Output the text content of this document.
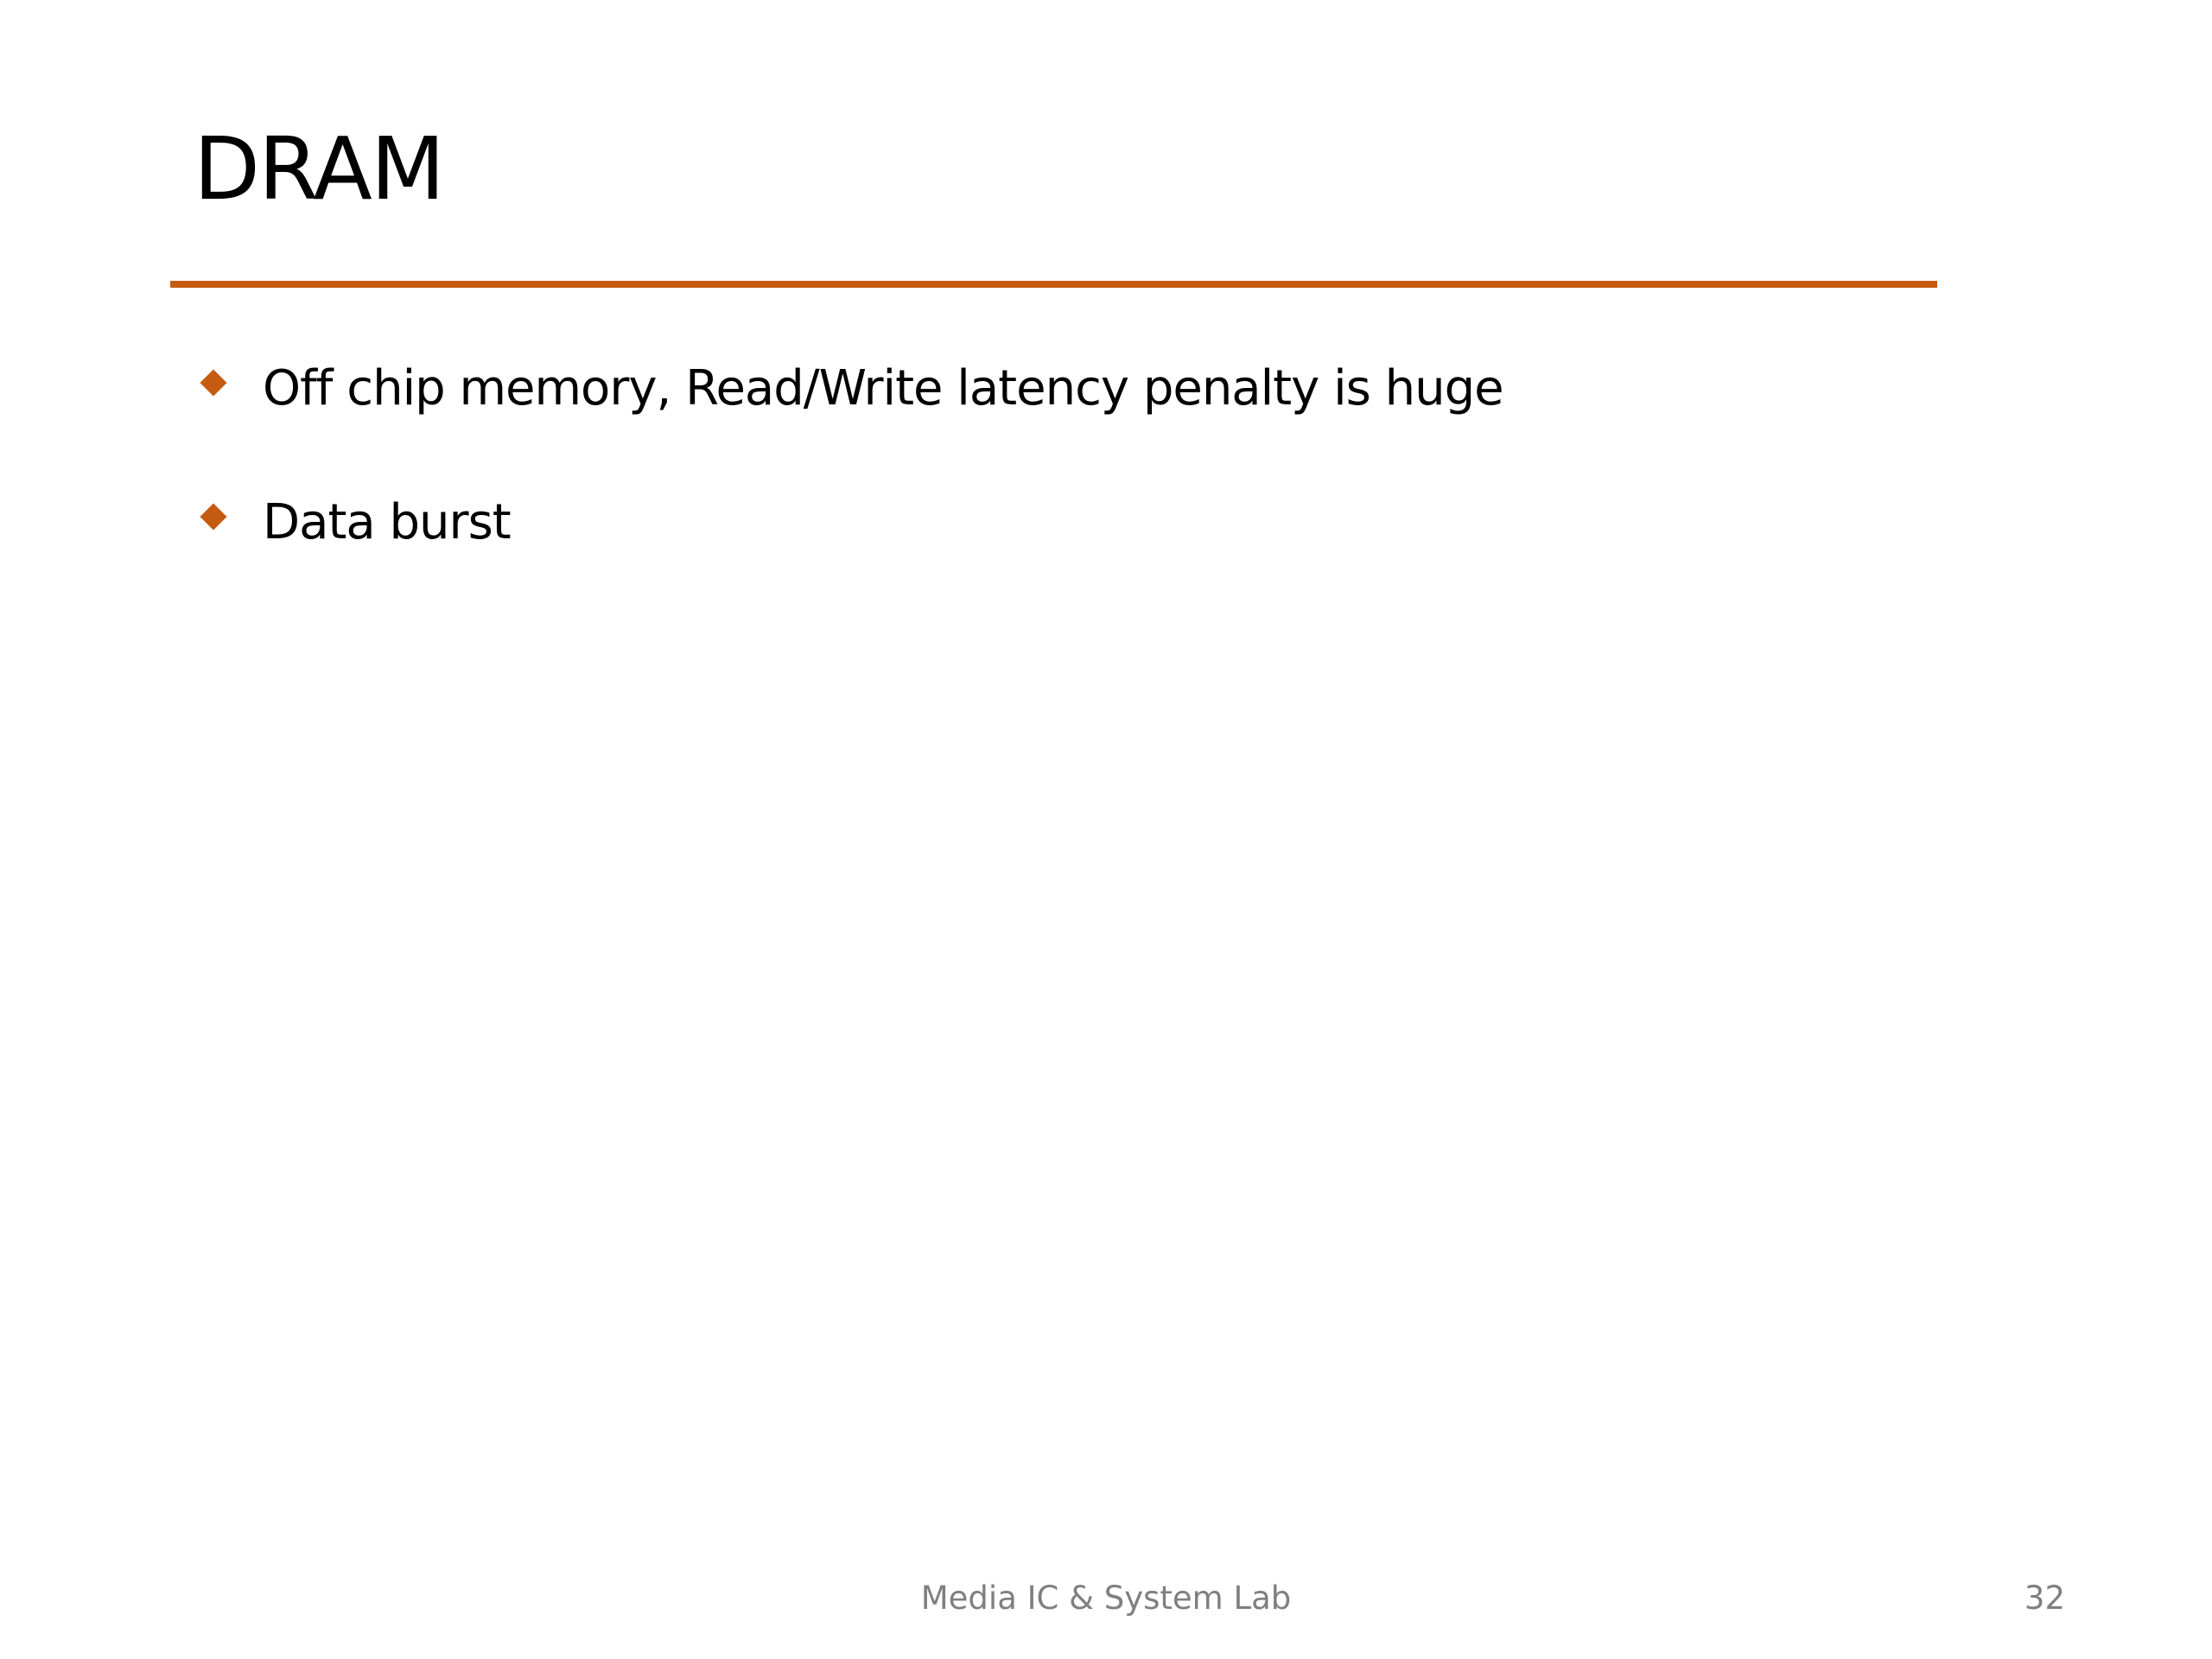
DRAM
Off chip memory, Read/Write latency penalty is huge
Data burst
Media IC & System Lab	32
